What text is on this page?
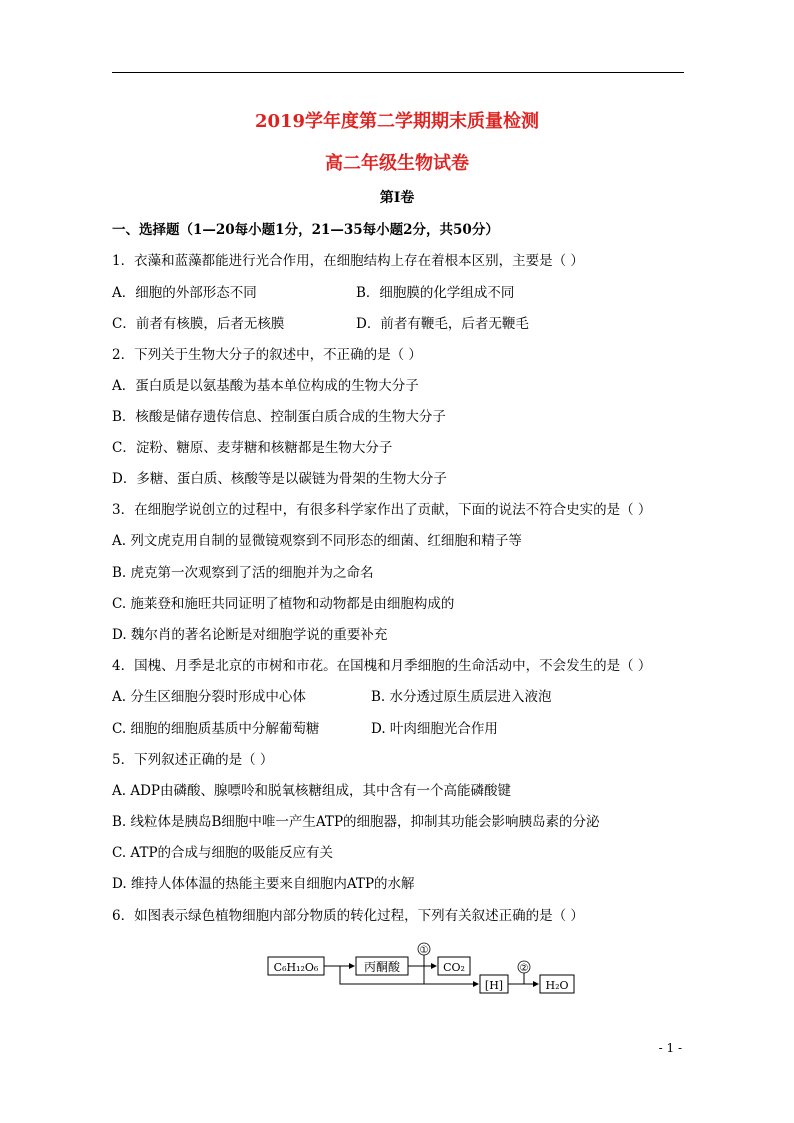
2019学年度第二学期期末质量检测
高二年级生物试卷
第Ⅰ卷
一、选择题（1—20每小题1分，21—35每小题2分，共50分）
1．衣藻和蓝藻都能进行光合作用，在细胞结构上存在着根本区别，主要是（ ）
A．细胞的外部形态不同	B．细胞膜的化学组成不同
C．前者有核膜，后者无核膜	D．前者有鞭毛，后者无鞭毛
2．下列关于生物大分子的叙述中，不正确的是（ ）
A．蛋白质是以氨基酸为基本单位构成的生物大分子
B．核酸是储存遗传信息、控制蛋白质合成的生物大分子
C．淀粉、糖原、麦芽糖和核糖都是生物大分子
D．多糖、蛋白质、核酸等是以碳链为骨架的生物大分子
3．在细胞学说创立的过程中，有很多科学家作出了贡献，下面的说法不符合史实的是（ ）
A. 列文虎克用自制的显微镜观察到不同形态的细菌、红细胞和精子等
B. 虎克第一次观察到了活的细胞并为之命名
C. 施莱登和施旺共同证明了植物和动物都是由细胞构成的
D. 魏尔肖的著名论断是对细胞学说的重要补充
4．国槐、月季是北京的市树和市花。在国槐和月季细胞的生命活动中，不会发生的是（ ）
A. 分生区细胞分裂时形成中心体	B. 水分透过原生质层进入液泡
C. 细胞的细胞质基质中分解葡萄糖	D. 叶肉细胞光合作用
5．下列叙述正确的是（ ）
A. ADP由磷酸、腺嘌呤和脱氧核糖组成，其中含有一个高能磷酸键
B. 线粒体是胰岛B细胞中唯一产生ATP的细胞器，抑制其功能会影响胰岛素的分泌
C. ATP的合成与细胞的吸能反应有关
D. 维持人体体温的热能主要来自细胞内ATP的水解
6．如图表示绿色植物细胞内部分物质的转化过程，下列有关叙述正确的是（ ）
C₆H₁₂O₆	丙酮酸	CO₂
[H]	H₂O
①
②
- 1 -
